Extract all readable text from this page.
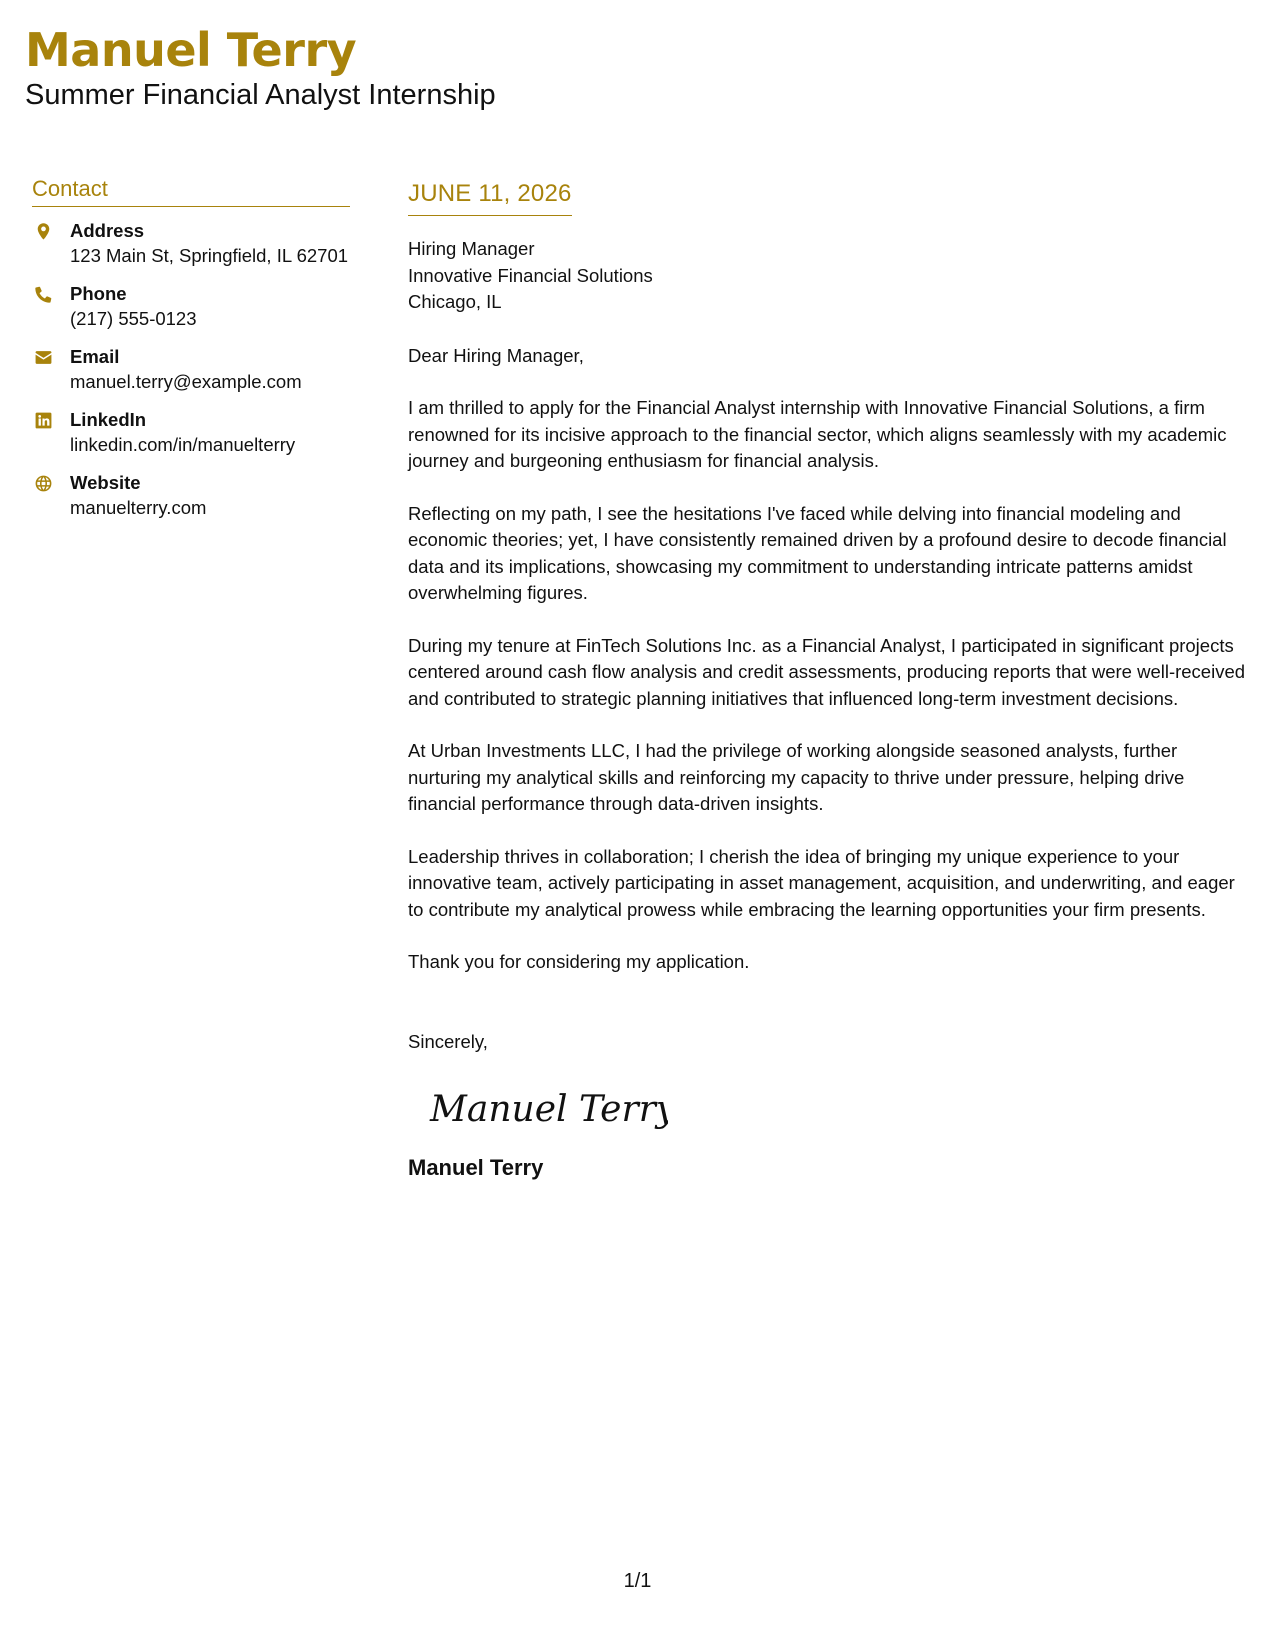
Manuel Terry
Summer Financial Analyst Internship
Contact
Address
123 Main St, Springfield, IL 62701
Phone
(217) 555-0123
Email
manuel.terry@example.com
LinkedIn
linkedin.com/in/manuelterry
Website
manuelterry.com
JUNE 11, 2026
Hiring Manager
Innovative Financial Solutions
Chicago, IL
Dear Hiring Manager,
I am thrilled to apply for the Financial Analyst internship with Innovative Financial Solutions, a firm renowned for its incisive approach to the financial sector, which aligns seamlessly with my academic journey and burgeoning enthusiasm for financial analysis.
Reflecting on my path, I see the hesitations I've faced while delving into financial modeling and economic theories; yet, I have consistently remained driven by a profound desire to decode financial data and its implications, showcasing my commitment to understanding intricate patterns amidst overwhelming figures.
During my tenure at FinTech Solutions Inc. as a Financial Analyst, I participated in significant projects centered around cash flow analysis and credit assessments, producing reports that were well-received and contributed to strategic planning initiatives that influenced long-term investment decisions.
At Urban Investments LLC, I had the privilege of working alongside seasoned analysts, further nurturing my analytical skills and reinforcing my capacity to thrive under pressure, helping drive financial performance through data-driven insights.
Leadership thrives in collaboration; I cherish the idea of bringing my unique experience to your innovative team, actively participating in asset management, acquisition, and underwriting, and eager to contribute my analytical prowess while embracing the learning opportunities your firm presents.
Thank you for considering my application.
Sincerely,
Manuel Terry
Manuel Terry
1/1
